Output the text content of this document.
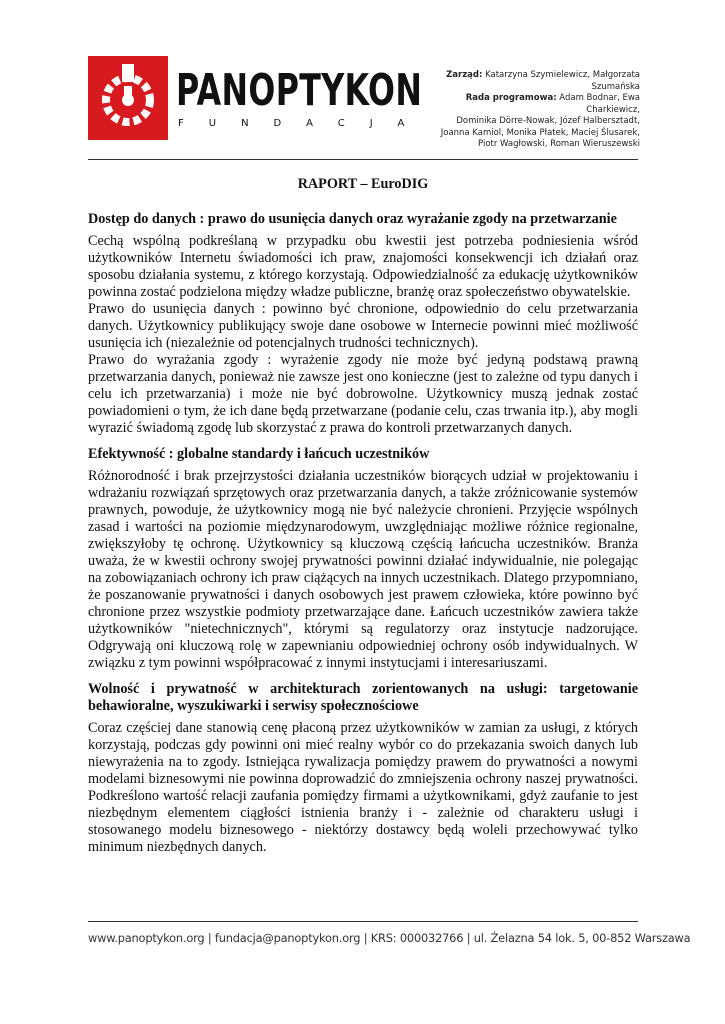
PANOPTYKON
FUNDACJA
Zarząd: Katarzyna Szymielewicz, Małgorzata Szumańska
Rada programowa: Adam Bodnar, Ewa Charkiewicz,
Dominika Dörre-Nowak, Józef Halbersztadt,
Joanna Kamiol, Monika Płatek, Maciej Ślusarek,
Piotr Wagłowski, Roman Wieruszewski
RAPORT – EuroDIG
Dostęp do danych : prawo do usunięcia danych oraz wyrażanie zgody na przetwarzanie

Cechą wspólną podkreślaną w przypadku obu kwestii jest potrzeba podniesienia wśród użytkowników Internetu świadomości ich praw, znajomości konsekwencji ich działań oraz sposobu działania systemu, z którego korzystają. Odpowiedzialność za edukację użytkowników powinna zostać podzielona między władze publiczne, branżę oraz społeczeństwo obywatelskie.

Prawo do usunięcia danych : powinno być chronione, odpowiednio do celu przetwarzania danych. Użytkownicy publikujący swoje dane osobowe w Internecie powinni mieć możliwość usunięcia ich (niezależnie od potencjalnych trudności technicznych).

Prawo do wyrażania zgody : wyrażenie zgody nie może być jedyną podstawą prawną przetwarzania danych, ponieważ nie zawsze jest ono konieczne (jest to zależne od typu danych i celu ich przetwarzania) i może nie być dobrowolne. Użytkownicy muszą jednak zostać powiadomieni o tym, że ich dane będą przetwarzane (podanie celu, czas trwania itp.), aby mogli wyrazić świadomą zgodę lub skorzystać z prawa do kontroli przetwarzanych danych.

Efektywność : globalne standardy i łańcuch uczestników

Różnorodność i brak przejrzystości działania uczestników biorących udział w projektowaniu i wdrażaniu rozwiązań sprzętowych oraz przetwarzania danych, a także zróżnicowanie systemów prawnych, powoduje, że użytkownicy mogą nie być należycie chronieni. Przyjęcie wspólnych zasad i wartości na poziomie międzynarodowym, uwzględniając możliwe różnice regionalne, zwiększyłoby tę ochronę. Użytkownicy są kluczową częścią łańcucha uczestników. Branża uważa, że w kwestii ochrony swojej prywatności powinni działać indywidualnie, nie polegając na zobowiązaniach ochrony ich praw ciążących na innych uczestnikach. Dlatego przypomniano, że poszanowanie prywatności i danych osobowych jest prawem człowieka, które powinno być chronione przez wszystkie podmioty przetwarzające dane. Łańcuch uczestników zawiera także użytkowników "nietechnicznych", którymi są regulatorzy oraz instytucje nadzorujące. Odgrywają oni kluczową rolę w zapewnianiu odpowiedniej ochrony osób indywidualnych. W związku z tym powinni współpracować z innymi instytucjami i interesariuszami.

Wolność i prywatność w architekturach zorientowanych na usługi: targetowanie behawioralne, wyszukiwarki i serwisy społecznościowe

Coraz częściej dane stanowią cenę płaconą przez użytkowników w zamian za usługi, z których korzystają, podczas gdy powinni oni mieć realny wybór co do przekazania swoich danych lub niewyrażenia na to zgody. Istniejąca rywalizacja pomiędzy prawem do prywatności a nowymi modelami biznesowymi nie powinna doprowadzić do zmniejszenia ochrony naszej prywatności. Podkreślono wartość relacji zaufania pomiędzy firmami a użytkownikami, gdyż zaufanie to jest niezbędnym elementem ciągłości istnienia branży i - zależnie od charakteru usługi i stosowanego modelu biznesowego - niektórzy dostawcy będą woleli przechowywać tylko minimum niezbędnych danych.

www.panoptykon.org | fundacja@panoptykon.org | KRS: 000032766 | ul. Żelazna 54 lok. 5, 00-852 Warszawa
